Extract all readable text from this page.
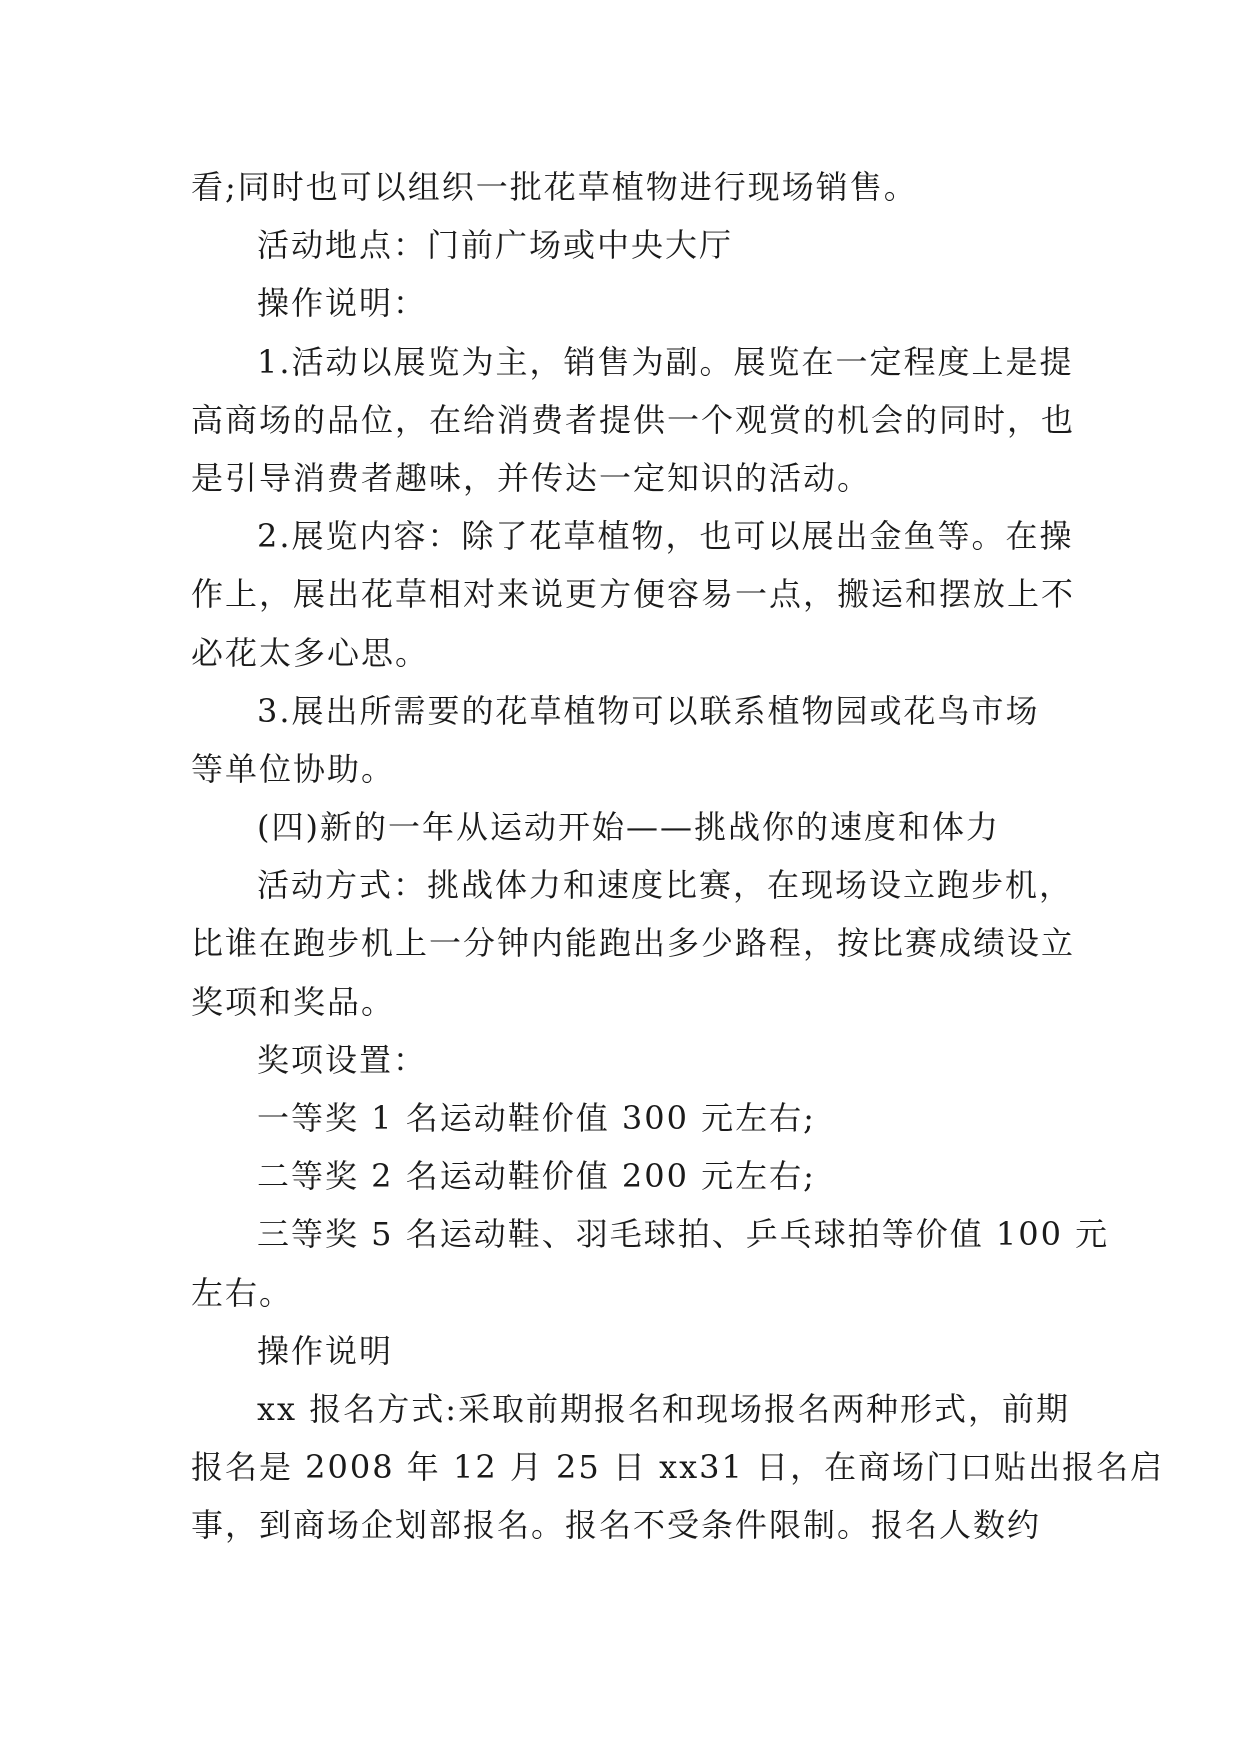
看;同时也可以组织一批花草植物进行现场销售。
活动地点：门前广场或中央大厅
操作说明：
1.活动以展览为主，销售为副。展览在一定程度上是提
高商场的品位，在给消费者提供一个观赏的机会的同时，也
是引导消费者趣味，并传达一定知识的活动。
2.展览内容：除了花草植物，也可以展出金鱼等。在操
作上，展出花草相对来说更方便容易一点，搬运和摆放上不
必花太多心思。
3.展出所需要的花草植物可以联系植物园或花鸟市场
等单位协助。
(四)新的一年从运动开始——挑战你的速度和体力
活动方式：挑战体力和速度比赛，在现场设立跑步机，
比谁在跑步机上一分钟内能跑出多少路程，按比赛成绩设立
奖项和奖品。
奖项设置：
一等奖 1 名运动鞋价值 300 元左右;
二等奖 2 名运动鞋价值 200 元左右;
三等奖 5 名运动鞋、羽毛球拍、乒乓球拍等价值 100 元
左右。
操作说明
xx 报名方式:采取前期报名和现场报名两种形式，前期
报名是 2008 年 12 月 25 日 xx31 日，在商场门口贴出报名启
事，到商场企划部报名。报名不受条件限制。报名人数约
